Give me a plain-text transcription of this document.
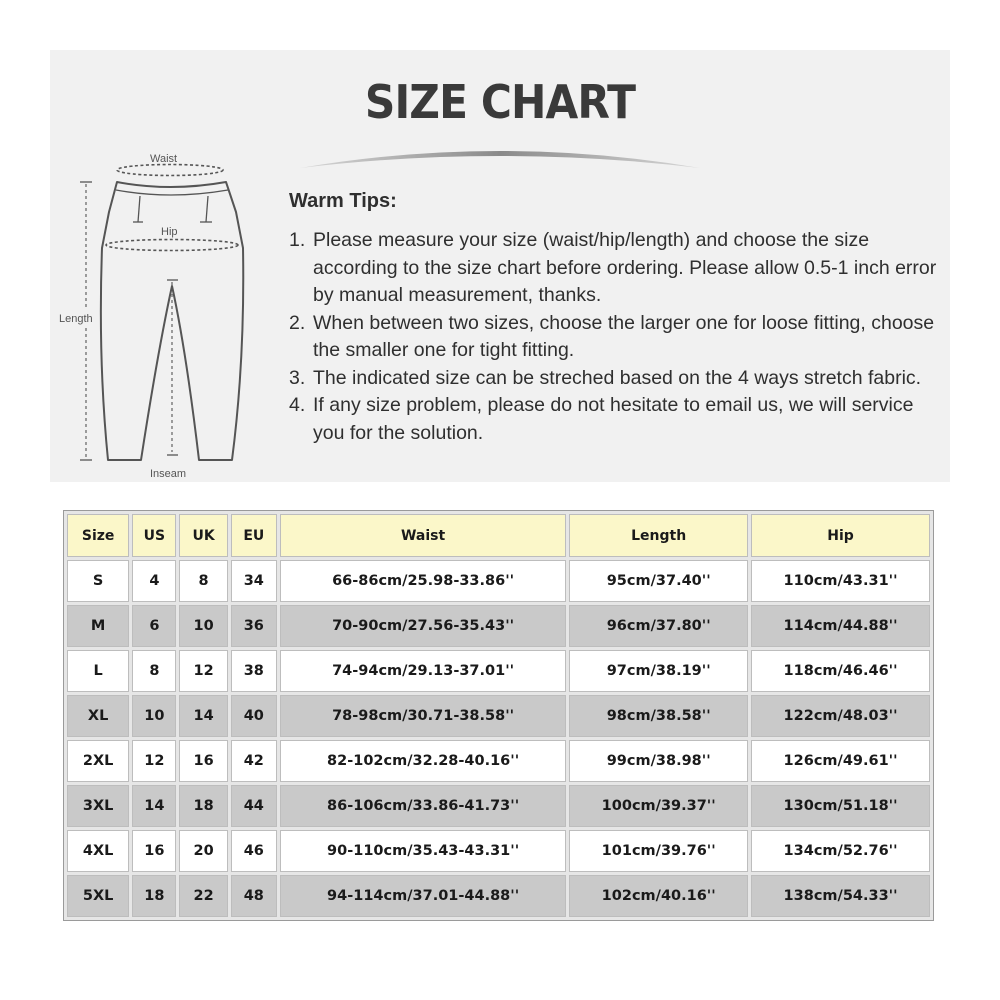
SIZE CHART
Waist
Hip
Inseam
Length
Warm Tips:
1. Please measure your size (waist/hip/length) and choose the size according to the size chart before ordering. Please allow 0.5-1 inch error by manual measurement, thanks.
2. When between two sizes, choose the larger one for loose fitting, choose the smaller one for tight fitting.
3. The indicated size can be streched based on the 4 ways stretch fabric.
4. If any size problem, please do not hesitate to email us, we will service you for the solution.
Size	US	UK	EU	Waist	Length	Hip
S	4	8	34	66-86cm/25.98-33.86''	95cm/37.40''	110cm/43.31''
M	6	10	36	70-90cm/27.56-35.43''	96cm/37.80''	114cm/44.88''
L	8	12	38	74-94cm/29.13-37.01''	97cm/38.19''	118cm/46.46''
XL	10	14	40	78-98cm/30.71-38.58''	98cm/38.58''	122cm/48.03''
2XL	12	16	42	82-102cm/32.28-40.16''	99cm/38.98''	126cm/49.61''
3XL	14	18	44	86-106cm/33.86-41.73''	100cm/39.37''	130cm/51.18''
4XL	16	20	46	90-110cm/35.43-43.31''	101cm/39.76''	134cm/52.76''
5XL	18	22	48	94-114cm/37.01-44.88''	102cm/40.16''	138cm/54.33''
